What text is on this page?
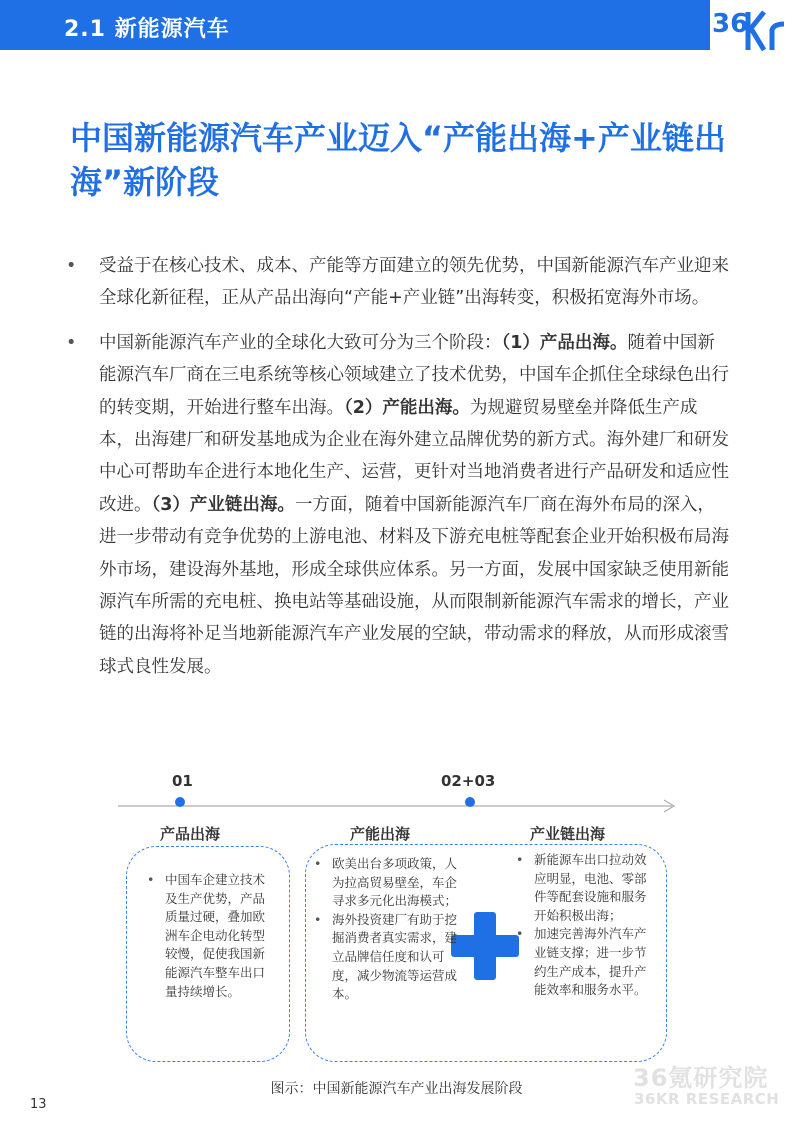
2.1 新能源汽车	36
中国新能源汽车产业迈入“产能出海+产业链出海”新阶段
• 受益于在核心技术、成本、产能等方面建立的领先优势，中国新能源汽车产业迎来全球化新征程，正从产品出海向“产能+产业链”出海转变，积极拓宽海外市场。
• 中国新能源汽车产业的全球化大致可分为三个阶段：（1）产品出海。随着中国新能源汽车厂商在三电系统等核心领域建立了技术优势，中国车企抓住全球绿色出行的转变期，开始进行整车出海。（2）产能出海。为规避贸易壁垒并降低生产成本，出海建厂和研发基地成为企业在海外建立品牌优势的新方式。海外建厂和研发中心可帮助车企进行本地化生产、运营，更针对当地消费者进行产品研发和适应性改进。（3）产业链出海。一方面，随着中国新能源汽车厂商在海外布局的深入，进一步带动有竞争优势的上游电池、材料及下游充电桩等配套企业开始积极布局海外市场，建设海外基地，形成全球供应体系。另一方面，发展中国家缺乏使用新能源汽车所需的充电桩、换电站等基础设施，从而限制新能源汽车需求的增长，产业链的出海将补足当地新能源汽车产业发展的空缺，带动需求的释放，从而形成滚雪球式良性发展。
01	02+03
产品出海	产能出海	产业链出海
• 中国车企建立技术及生产优势，产品质量过硬，叠加欧洲车企电动化转型较慢，促使我国新能源汽车整车出口量持续增长。
• 欧美出台多项政策，人为拉高贸易壁垒，车企寻求多元化出海模式；
• 海外投资建厂有助于挖掘消费者真实需求，建立品牌信任度和认可度，减少物流等运营成本。
• 新能源车出口拉动效应明显，电池、零部件等配套设施和服务开始积极出海；
• 加速完善海外汽车产业链支撑；进一步节约生产成本，提升产能效率和服务水平。
图示：中国新能源汽车产业出海发展阶段
13
36氪研究院
36KR RESEARCH
